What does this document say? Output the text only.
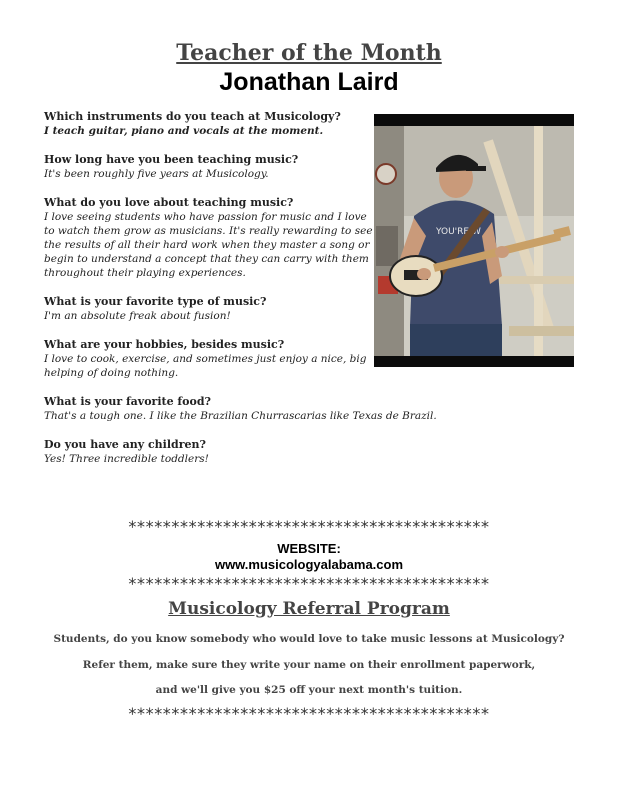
Teacher of the Month
Jonathan Laird
Which instruments do you teach at Musicology?
I teach guitar, piano and vocals at the moment.
How long have you been teaching music?
It's been roughly five years at Musicology.
What do you love about teaching music?
I love seeing students who have passion for music and I love to watch them grow as musicians. It's really rewarding to see the results of all their hard work when they master a song or begin to understand a concept that they can carry with them throughout their playing experiences.
What is your favorite type of music?
I'm an absolute freak about fusion!
What are your hobbies, besides music?
I love to cook, exercise, and sometimes just enjoy a nice, big helping of doing nothing.
What is your favorite food?
That's a tough one. I like the Brazilian Churrascarias like Texas de Brazil.
Do you have any children?
Yes! Three incredible toddlers!
YOU'RE W
******************************************
WEBSITE:
www.musicologyalabama.com
******************************************
Musicology Referral Program
Students, do you know somebody who would love to take music lessons at Musicology?
Refer them, make sure they write your name on their enrollment paperwork,
and we'll give you $25 off your next month's tuition.
******************************************
